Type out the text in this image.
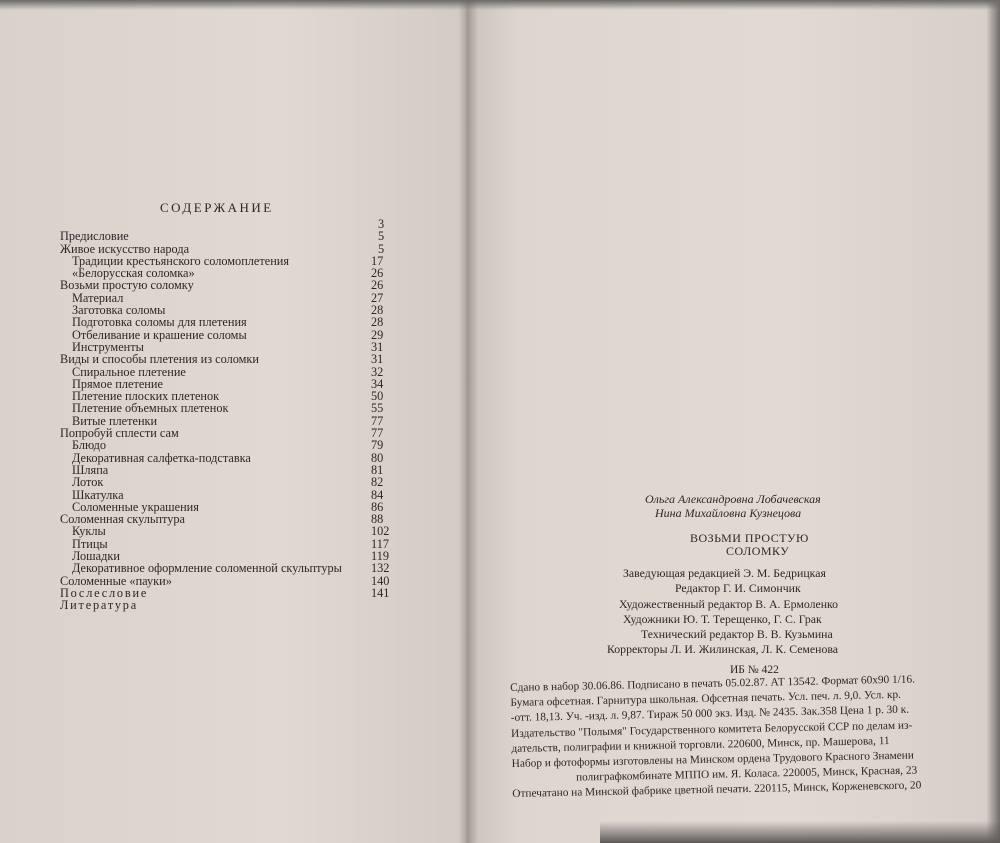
СОДЕРЖАНИЕ
Предисловие
3
Живое искусство народа
5
Традиции крестьянского соломоплетения
5
«Белорусская соломка»
17
Возьми простую соломку
26
Материал
26
Заготовка соломы
27
Подготовка соломы для плетения
28
Отбеливание и крашение соломы
28
Инструменты
29
Виды и способы плетения из соломки
31
Спиральное плетение
31
Прямое плетение
32
Плетение плоских плетенок
34
Плетение объемных плетенок
50
Витые плетенки
55
Попробуй сплести сам
77
Блюдо
77
Декоративная салфетка-подставка
79
Шляпа
80
Лоток
81
Шкатулка
82
Соломенные украшения
84
Соломенная скульптура
86
Куклы
88
Птицы
102
Лошадки
117
Декоративное оформление соломенной скульптуры
119
Соломенные «пауки»
132
Послесловие
140
Литература
141
Ольга Александровна Лобачевская
Нина Михайловна Кузнецова
ВОЗЬМИ ПРОСТУЮ
СОЛОМКУ
Заведующая редакцией Э. М. Бедрицкая
Редактор Г. И. Симончик
Художественный редактор В. А. Ермоленко
Художники Ю. Т. Терещенко, Г. С. Грак
Технический редактор В. В. Кузьмина
Корректоры Л. И. Жилинская, Л. К. Семенова
ИБ № 422
Сдано в набор 30.06.86. Подписано в печать 05.02.87. АТ 13542. Формат 60x90 1/16.
Бумага офсетная. Гарнитура школьная. Офсетная печать. Усл. печ. л. 9,0. Усл. кр.
-отт. 18,13. Уч. -изд. л. 9,87. Тираж 50 000 экз. Изд. № 2435. Зак.358 Цена 1 р. 30 к.
Издательство "Полымя" Государственного комитета Белорусской ССР по делам из-
дательств, полиграфии и книжной торговли. 220600, Минск, пр. Машерова, 11
Набор и фотоформы изготовлены на Минском ордена Трудового Красного Знамени
полиграфкомбинате МППО им. Я. Коласа. 220005, Минск, Красная, 23
Отпечатано на Минской фабрике цветной печати. 220115, Минск, Корженевского, 20
